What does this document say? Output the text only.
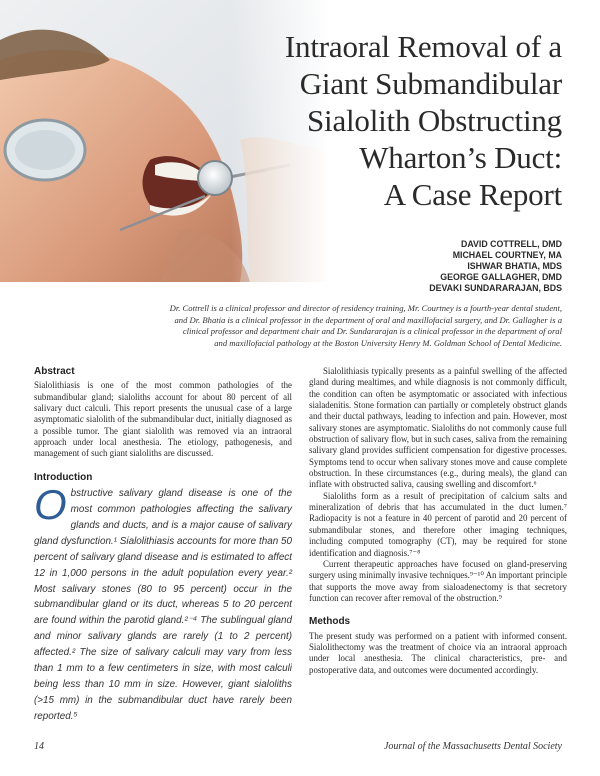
Intraoral Removal of a
Giant Submandibular
Sialolith Obstructing
Wharton’s Duct:
A Case Report
DAVID COTTRELL, DMD
MICHAEL COURTNEY, MA
ISHWAR BHATIA, MDS
GEORGE GALLAGHER, DMD
DEVAKI SUNDARARAJAN, BDS
Dr. Cottrell is a clinical professor and director of residency training, Mr. Courtney is a fourth-year dental student,
and Dr. Bhatia is a clinical professor in the department of oral and maxillofacial surgery, and Dr. Gallagher is a
clinical professor and department chair and Dr. Sundararajan is a clinical professor in the department of oral
and maxillofacial pathology at the Boston University Henry M. Goldman School of Dental Medicine.
Abstract

Sialolithiasis is one of the most common pathologies of the submandibular gland; sialoliths account for about 80 percent of all salivary duct calculi. This report presents the unusual case of a large asymptomatic sialolith of the submandibular duct, initially diagnosed as a possible tumor. The giant sialolith was removed via an intraoral approach under local anesthesia. The etiology, pathogenesis, and management of such giant sialoliths are discussed.

Introduction
Obstructive salivary gland disease is one of the most common pathologies affecting the salivary glands and ducts, and is a major cause of salivary gland dysfunction.¹ Sialolithiasis accounts for more than 50 percent of salivary gland disease and is estimated to affect 12 in 1,000 persons in the adult population every year.² Most salivary stones (80 to 95 percent) occur in the submandibular gland or its duct, whereas 5 to 20 percent are found within the parotid gland.²⁻⁴ The sublingual gland and minor salivary glands are rarely (1 to 2 percent) affected.² The size of salivary calculi may vary from less than 1 mm to a few centimeters in size, with most calculi being less than 10 mm in size. However, giant sialoliths (>15 mm) in the submandibular duct have rarely been reported.⁵

Sialolithiasis typically presents as a painful swelling of the affected gland during mealtimes, and while diagnosis is not commonly difficult, the condition can often be asymptomatic or associated with infectious sialadenitis. Stone formation can partially or completely obstruct glands and their ductal pathways, leading to infection and pain. However, most salivary stones are asymptomatic. Sialoliths do not commonly cause full obstruction of salivary flow, but in such cases, saliva from the remaining salivary gland provides sufficient compensation for digestive processes. Symptoms tend to occur when salivary stones move and cause complete obstruction. In these circumstances (e.g., during meals), the gland can inflate with obstructed saliva, causing swelling and discomfort.⁶

Sialoliths form as a result of precipitation of calcium salts and mineralization of debris that has accumulated in the duct lumen.⁷ Radiopacity is not a feature in 40 percent of parotid and 20 percent of submandibular stones, and therefore other imaging techniques, including computed tomography (CT), may be required for stone identification and diagnosis.⁷⁻⁸

Current therapeutic approaches have focused on gland-preserving surgery using minimally invasive techniques.⁹⁻¹⁰ An important principle that supports the move away from sialoadenectomy is that secretory function can recover after removal of the obstruction.⁹

Methods

The present study was performed on a patient with informed consent. Sialolithectomy was the treatment of choice via an intraoral approach under local anesthesia. The clinical characteristics, pre- and postoperative data, and outcomes were documented accordingly.

14	Journal of the Massachusetts Dental Society
